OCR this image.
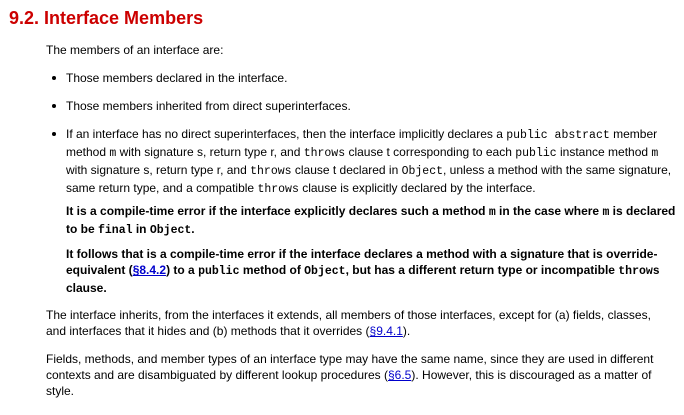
9.2. Interface Members

The members of an interface are:

Those members declared in the interface.
Those members inherited from direct superinterfaces.
If an interface has no direct superinterfaces, then the interface implicitly declares a public abstract member method m with signature s, return type r, and throws clause t corresponding to each public instance method m with signature s, return type r, and throws clause t declared in Object, unless a method with the same signature, same return type, and a compatible throws clause is explicitly declared by the interface.

It is a compile-time error if the interface explicitly declares such a method m in the case where m is declared to be final in Object.

It follows that is a compile-time error if the interface declares a method with a signature that is override-equivalent (§8.4.2) to a public method of Object, but has a different return type or incompatible throws clause.

The interface inherits, from the interfaces it extends, all members of those interfaces, except for (a) fields, classes, and interfaces that it hides and (b) methods that it overrides (§9.4.1).

Fields, methods, and member types of an interface type may have the same name, since they are used in different contexts and are disambiguated by different lookup procedures (§6.5). However, this is discouraged as a matter of style.
